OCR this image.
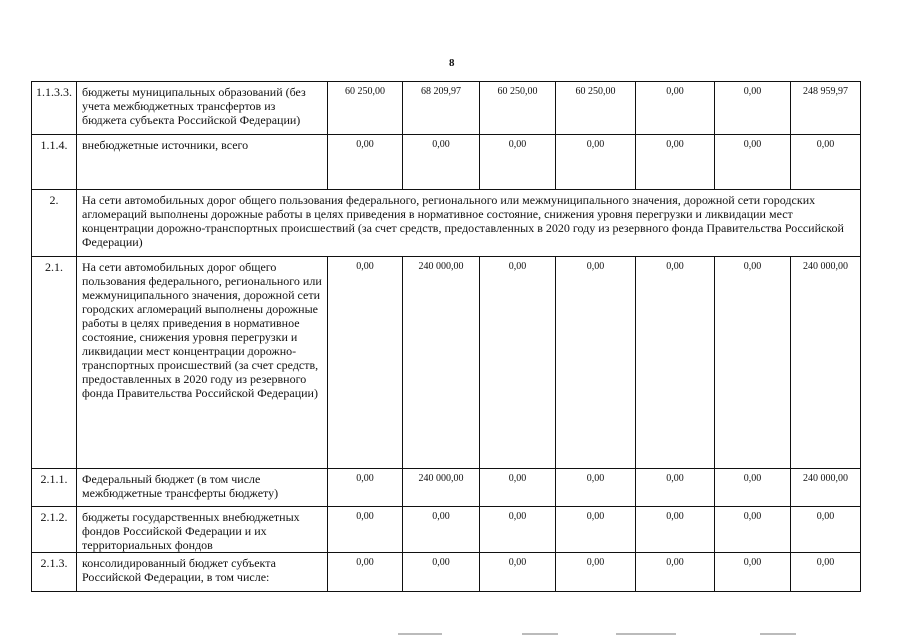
8
1.1.3.3.	бюджеты муниципальных образований (без учета межбюджетных трансфертов из бюджета субъекта Российской Федерации)	60 250,00	68 209,97	60 250,00	60 250,00	0,00	0,00	248 959,97
1.1.4.	внебюджетные источники, всего	0,00	0,00	0,00	0,00	0,00	0,00	0,00
2.	На сети автомобильных дорог общего пользования федерального, регионального или межмуниципального значения, дорожной сети городских агломераций выполнены дорожные работы в целях приведения в нормативное состояние, снижения уровня перегрузки и ликвидации мест концентрации дорожно-транспортных происшествий (за счет средств, предоставленных в 2020 году из резервного фонда Правительства Российской Федерации)							
2.1.	На сети автомобильных дорог общего пользования федерального, регионального или межмуниципального значения, дорожной сети городских агломераций выполнены дорожные работы в целях приведения в нормативное состояние, снижения уровня перегрузки и ликвидации мест концентрации дорожно-транспортных происшествий (за счет средств, предоставленных в 2020 году из резервного фонда Правительства Российской Федерации)	0,00	240 000,00	0,00	0,00	0,00	0,00	240 000,00
2.1.1.	Федеральный бюджет (в том числе межбюджетные трансферты бюджету)	0,00	240 000,00	0,00	0,00	0,00	0,00	240 000,00
2.1.2.	бюджеты государственных внебюджетных фондов Российской Федерации и их территориальных фондов	0,00	0,00	0,00	0,00	0,00	0,00	0,00
2.1.3.	консолидированный бюджет субъекта Российской Федерации, в том числе:	0,00	0,00	0,00	0,00	0,00	0,00	0,00
